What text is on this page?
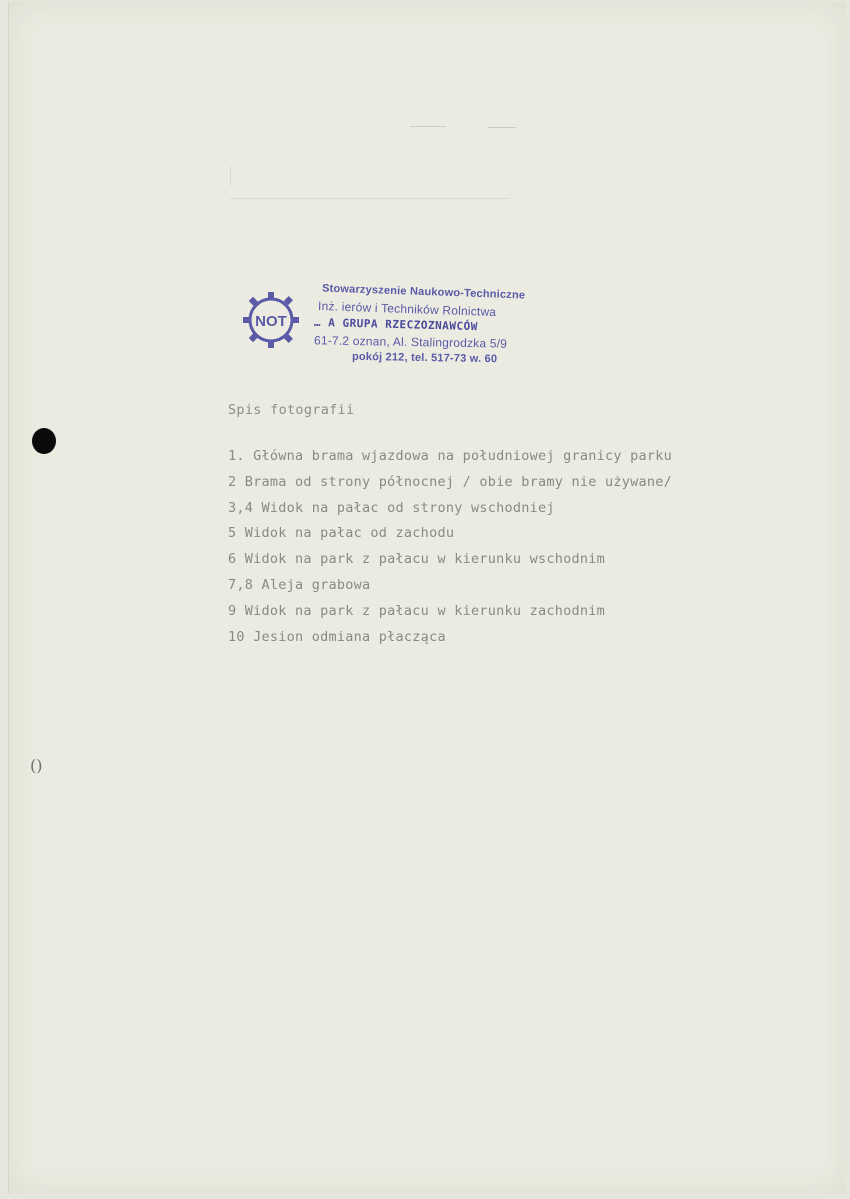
NOT
Stowarzyszenie Naukowo-Techniczne
Inż. ierów i Techników Rolnictwa
… A GRUPA RZECZOZNAWCÓW
61-7.2 oznan, Al. Stalingrodzka 5/9
pokój 212, tel. 517-73 w. 60
Spis fotografii
1. Główna brama wjazdowa na południowej granicy parku
2 Brama od strony północnej / obie bramy nie używane/
3,4 Widok na pałac od strony wschodniej
5 Widok na pałac od zachodu
6 Widok na park z pałacu w kierunku wschodnim
7,8 Aleja grabowa
9 Widok na park z pałacu w kierunku zachodnim
10 Jesion odmiana płacząca
()
